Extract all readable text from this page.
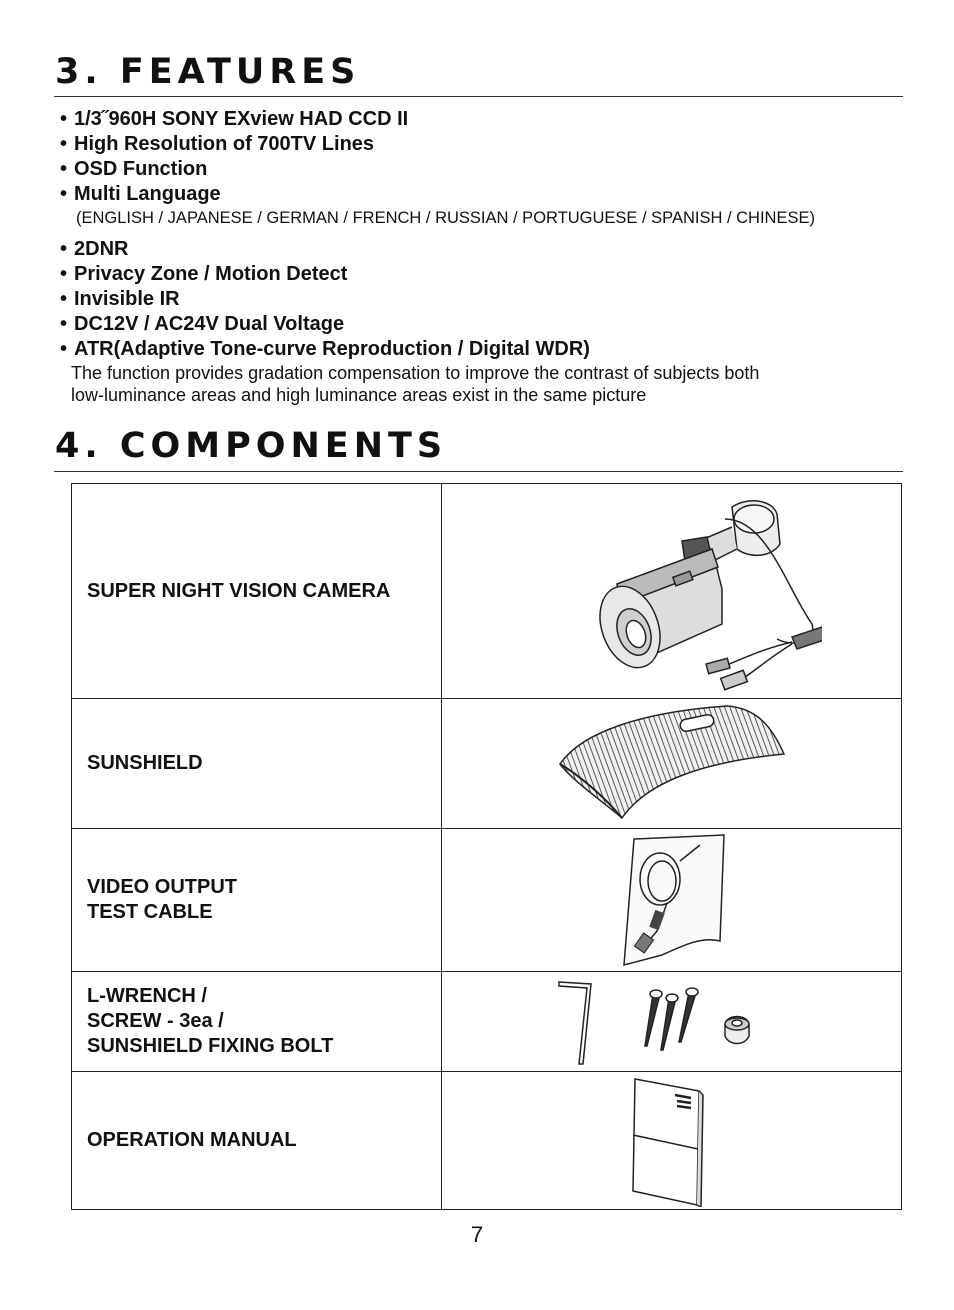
3. FEATURES
• 1/3˝960H SONY EXview HAD CCD II
• High Resolution of 700TV Lines
• OSD Function
• Multi Language
(ENGLISH / JAPANESE / GERMAN / FRENCH / RUSSIAN / PORTUGUESE / SPANISH / CHINESE)
• 2DNR
• Privacy Zone / Motion Detect
• Invisible IR
• DC12V / AC24V Dual Voltage
• ATR(Adaptive Tone-curve Reproduction / Digital WDR)
The function provides gradation compensation to improve the contrast of subjects both
low-luminance areas and high luminance areas exist in the same picture
4. COMPONENTS
SUPER NIGHT VISION CAMERA

SUNSHIELD

VIDEO OUTPUT
TEST CABLE

L-WRENCH /
SCREW - 3ea /
SUNSHIELD FIXING BOLT

OPERATION MANUAL

7
